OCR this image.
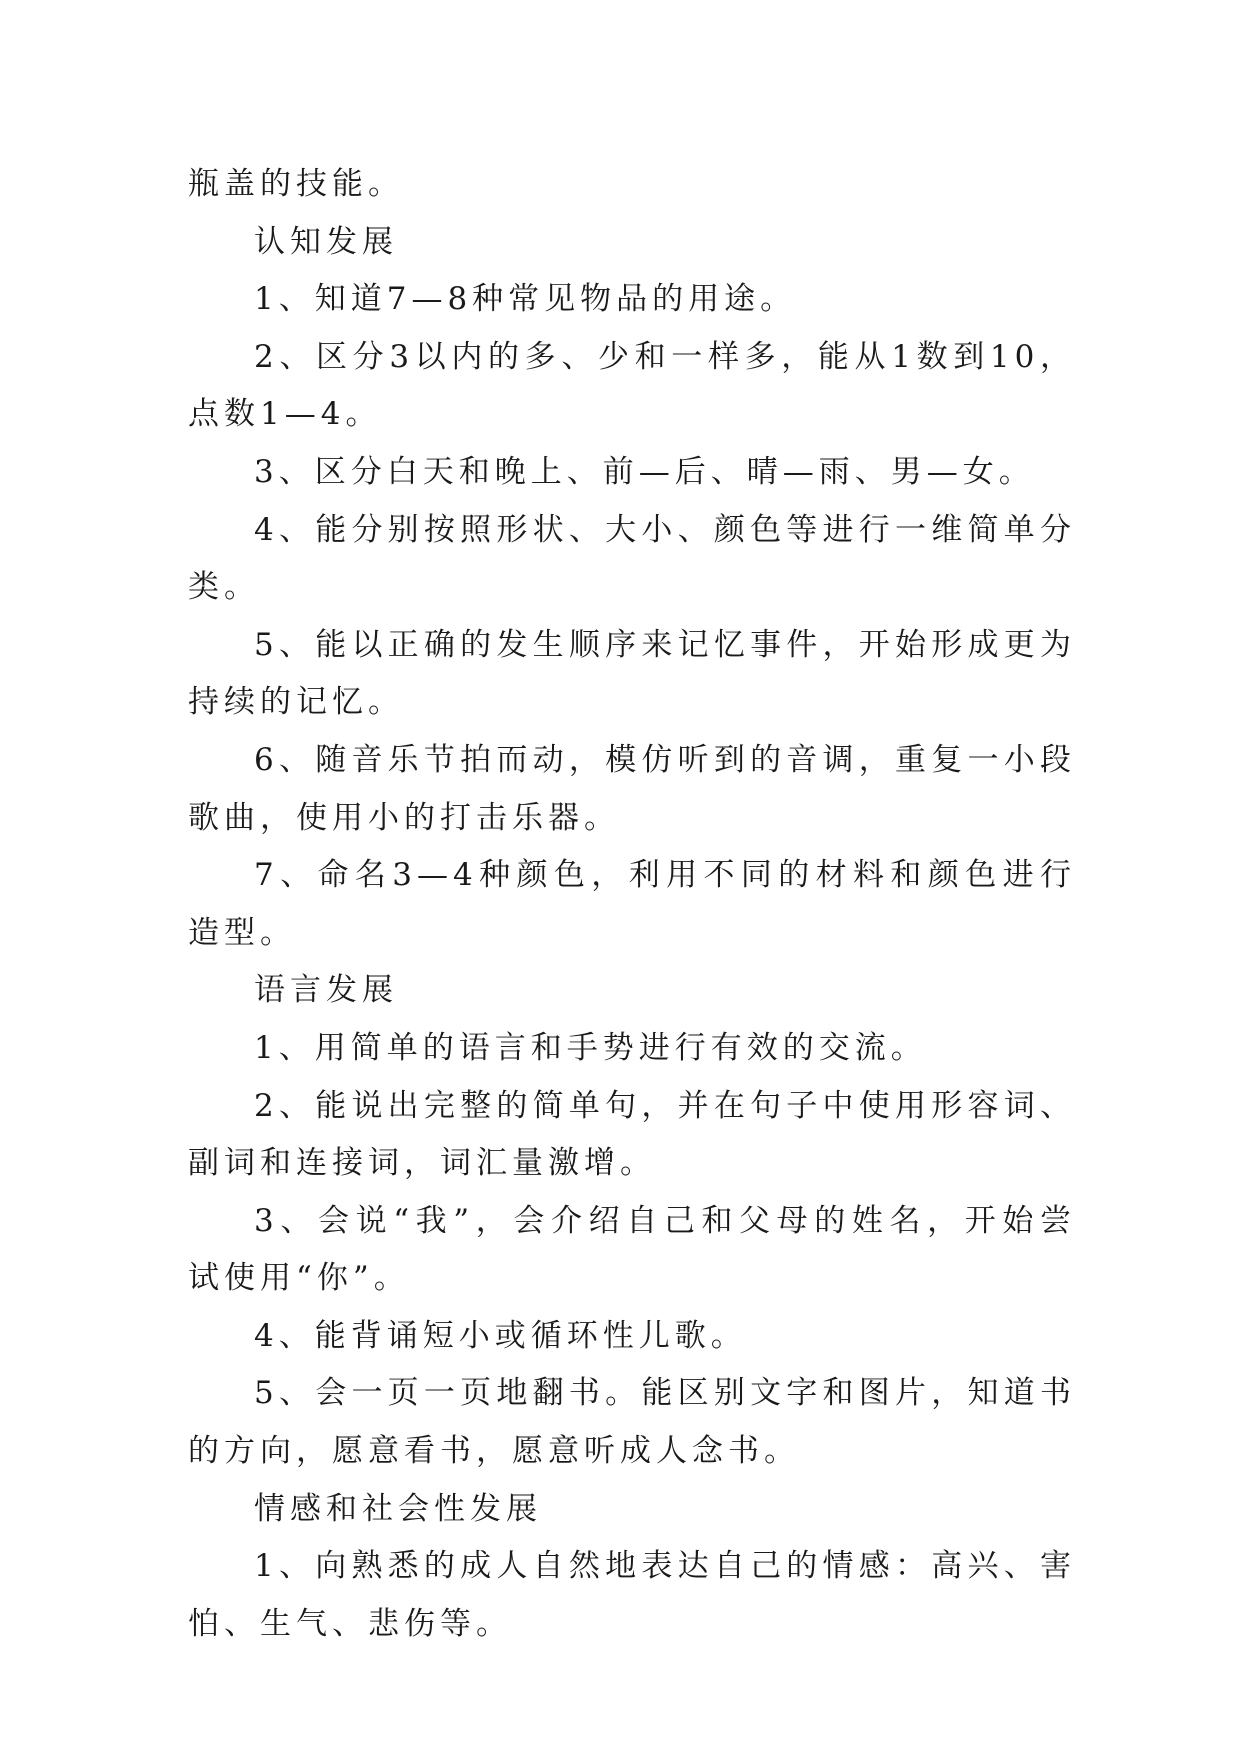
瓶盖的技能。

认知发展

1、知道7—8种常见物品的用途。

2、区分3以内的多、少和一样多，能从1数到10，点数1—4。

3、区分白天和晚上、前—后、晴—雨、男—女。

4、能分别按照形状、大小、颜色等进行一维简单分类。

5、能以正确的发生顺序来记忆事件，开始形成更为持续的记忆。

6、随音乐节拍而动，模仿听到的音调，重复一小段歌曲，使用小的打击乐器。

7、命名3—4种颜色，利用不同的材料和颜色进行造型。

语言发展

1、用简单的语言和手势进行有效的交流。

2、能说出完整的简单句，并在句子中使用形容词、副词和连接词，词汇量激增。

3、会说“我”，会介绍自己和父母的姓名，开始尝试使用“你”。

4、能背诵短小或循环性儿歌。

5、会一页一页地翻书。能区别文字和图片，知道书的方向，愿意看书，愿意听成人念书。

情感和社会性发展

1、向熟悉的成人自然地表达自己的情感：高兴、害怕、生气、悲伤等。
